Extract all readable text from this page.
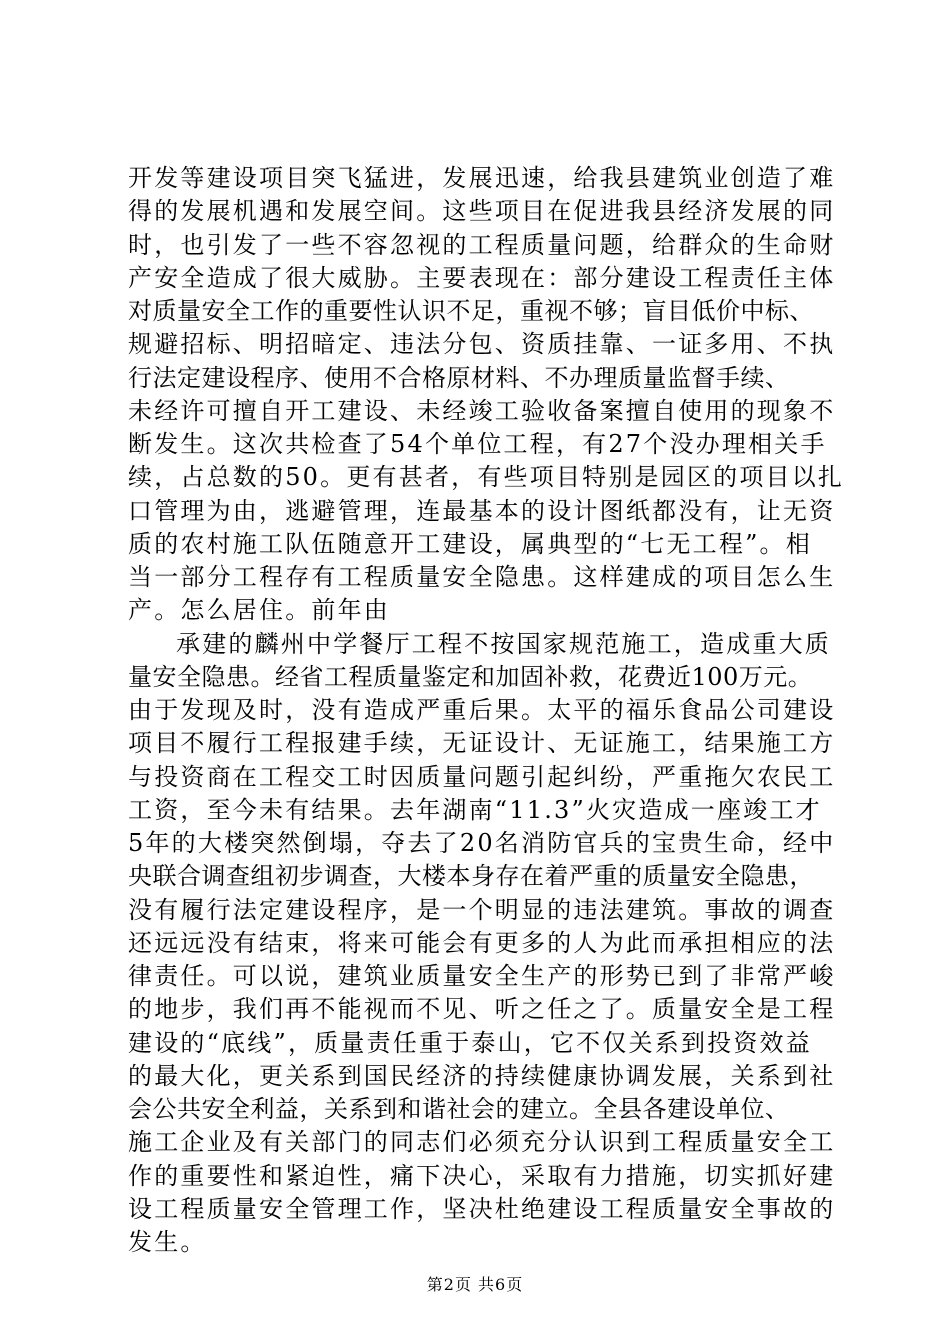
开发等建设项目突飞猛进，发展迅速，给我县建筑业创造了难
得的发展机遇和发展空间。这些项目在促进我县经济发展的同
时，也引发了一些不容忽视的工程质量问题，给群众的生命财
产安全造成了很大威胁。主要表现在：部分建设工程责任主体
对质量安全工作的重要性认识不足，重视不够；盲目低价中标、
规避招标、明招暗定、违法分包、资质挂靠、一证多用、不执
行法定建设程序、使用不合格原材料、不办理质量监督手续、
未经许可擅自开工建设、未经竣工验收备案擅自使用的现象不
断发生。这次共检查了54个单位工程，有27个没办理相关手
续，占总数的50。更有甚者，有些项目特别是园区的项目以扎
口管理为由，逃避管理，连最基本的设计图纸都没有，让无资
质的农村施工队伍随意开工建设，属典型的“七无工程”。相
当一部分工程存有工程质量安全隐患。这样建成的项目怎么生
产。怎么居住。前年由
承建的麟州中学餐厅工程不按国家规范施工，造成重大质
量安全隐患。经省工程质量鉴定和加固补救，花费近100万元。
由于发现及时，没有造成严重后果。太平的福乐食品公司建设
项目不履行工程报建手续，无证设计、无证施工，结果施工方
与投资商在工程交工时因质量问题引起纠纷，严重拖欠农民工
工资，至今未有结果。去年湖南“11.3”火灾造成一座竣工才
5年的大楼突然倒塌，夺去了20名消防官兵的宝贵生命，经中
央联合调查组初步调查，大楼本身存在着严重的质量安全隐患，
没有履行法定建设程序，是一个明显的违法建筑。事故的调查
还远远没有结束，将来可能会有更多的人为此而承担相应的法
律责任。可以说，建筑业质量安全生产的形势已到了非常严峻
的地步，我们再不能视而不见、听之任之了。质量安全是工程
建设的“底线”，质量责任重于泰山，它不仅关系到投资效益
的最大化，更关系到国民经济的持续健康协调发展，关系到社
会公共安全利益，关系到和谐社会的建立。全县各建设单位、
施工企业及有关部门的同志们必须充分认识到工程质量安全工
作的重要性和紧迫性，痛下决心，采取有力措施，切实抓好建
设工程质量安全管理工作，坚决杜绝建设工程质量安全事故的
发生。
第2页 共6页
